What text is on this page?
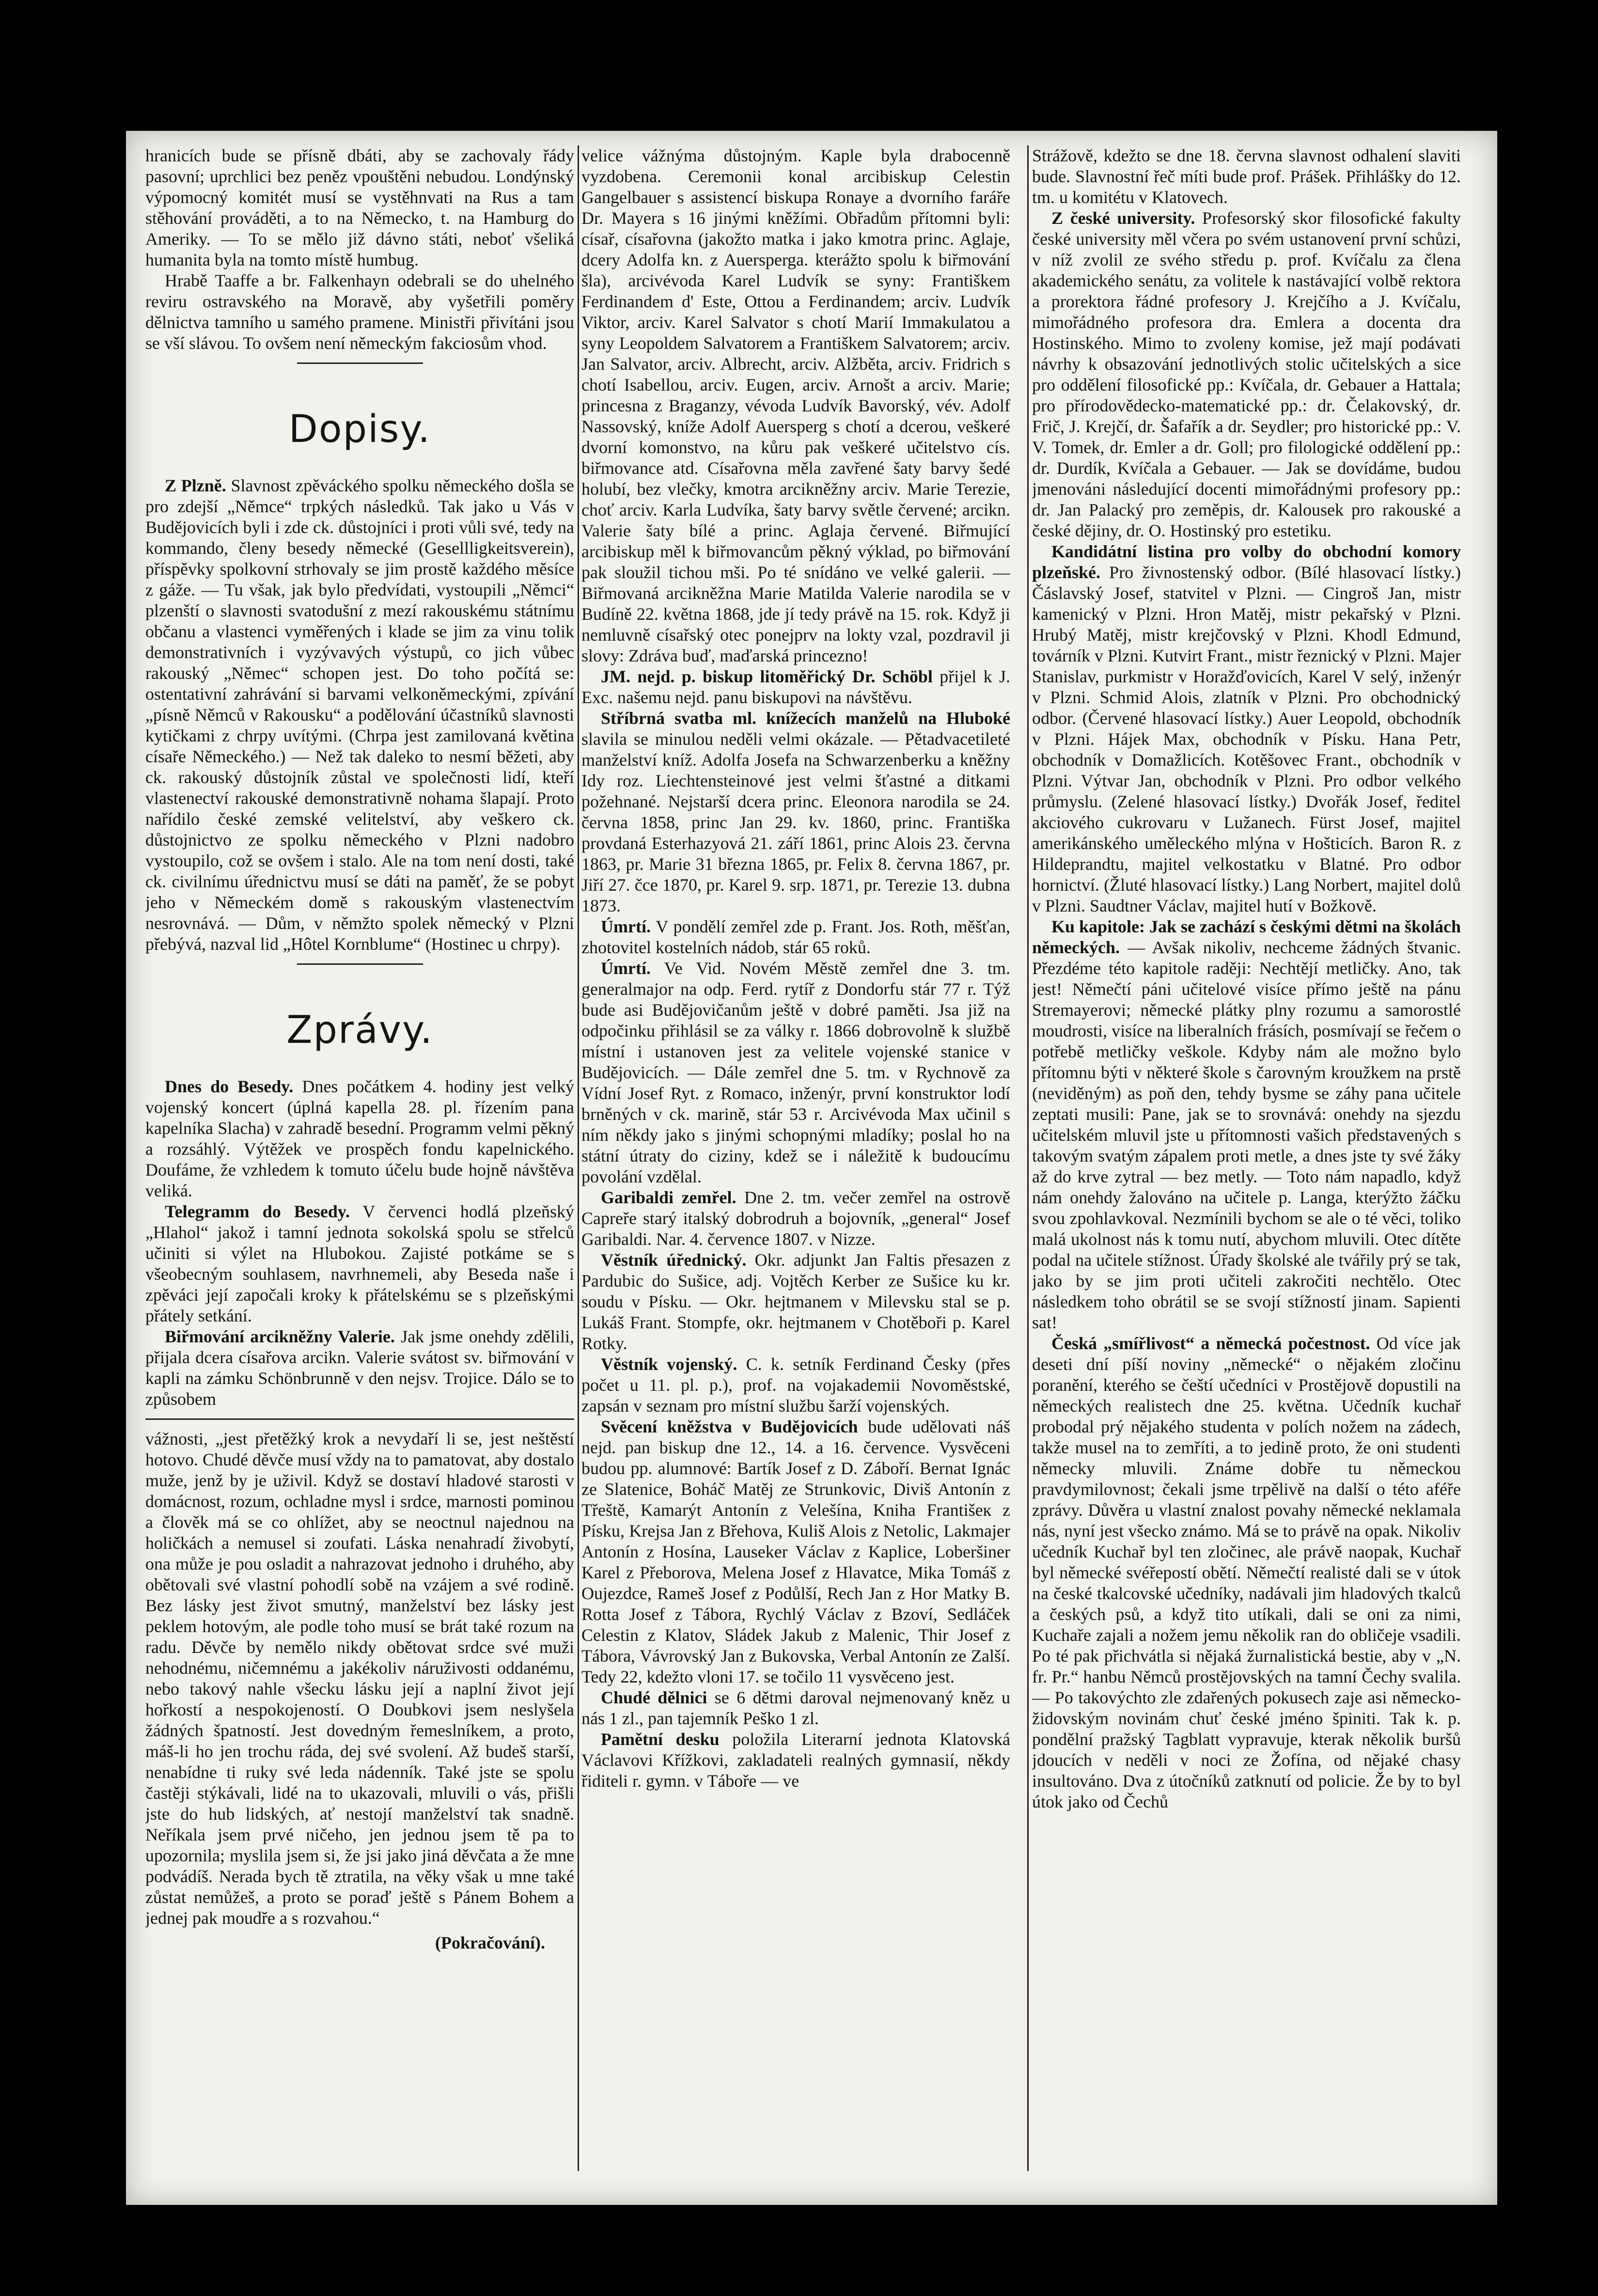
hranicích bude se přísně dbáti, aby se zachovaly řády pasovní; uprchlici bez peněz vpouštěni nebudou. Londýnský výpomocný komitét musí se vystěhnvati na Rus a tam stěhování prováděti, a to na Německo, t. na Hamburg do Ameriky. — To se mělo již dávno státi, neboť všeliká humanita byla na tomto místě humbug.

Hrabě Taaffe a br. Falkenhayn odebrali se do uhelného reviru ostravského na Moravě, aby vyšetřili poměry dělnictva tamního u samého pramene. Ministři přivítáni jsou se vší slávou. To ovšem není německým fakciosům vhod.

Dopisy.

Z Plzně. Slavnost zpěváckého spolku německého došla se pro zdejší „Němce“ trpkých následků. Tak jako u Vás v Budějovicích byli i zde ck. důstojníci i proti vůli své, tedy na kommando, členy besedy německé (Gesellligkeitsverein), příspěvky spolkovní strhovaly se jim prostě každého měsíce z gáže. — Tu však, jak bylo předvídati, vystoupili „Němci“ plzenští o slavnosti svatodušní z mezí rakouskému státnímu občanu a vlastenci vyměřených i klade se jim za vinu tolik demonstrativních i vyzývavých výstupů, co jich vůbec rakouský „Němec“ schopen jest. Do toho počítá se: ostentativní zahrávání si barvami velkoněmeckými, zpívání „písně Němců v Rakousku“ a podělování účastníků slavnosti kytičkami z chrpy uvítými. (Chrpa jest zamilovaná květina císaře Německého.) — Než tak daleko to nesmí běžeti, aby ck. rakouský důstojník zůstal ve společnosti lidí, kteří vlastenectví rakouské demonstrativně nohama šlapají. Proto nařídilo české zemské velitelství, aby veškero ck. důstojnictvo ze spolku německého v Plzni nadobro vystoupilo, což se ovšem i stalo. Ale na tom není dosti, také ck. civilnímu úřednictvu musí se dáti na paměť, že se pobyt jeho v Německém domě s rakouským vlastenectvím nesrovnává. — Dům, v němžto spolek německý v Plzni přebývá, nazval lid „Hôtel Kornblume“ (Hostinec u chrpy).

Zprávy.

Dnes do Besedy. Dnes počátkem 4. hodiny jest velký vojenský koncert (úplná kapella 28. pl. řízením pana kapelníka Slacha) v zahradě besední. Programm velmi pěkný a rozsáhlý. Výtěžek ve prospěch fondu kapelnického. Doufáme, že vzhledem k tomuto účelu bude hojně návštěva veliká.

Telegramm do Besedy. V červenci hodlá plzeňský „Hlahol“ jakož i tamní jednota sokolská spolu se střelců učiniti si výlet na Hlubokou. Zajisté potkáme se s všeobecným souhlasem, navrhnemeli, aby Beseda naše i zpěváci její započali kroky k přátelskému se s plzeňskými přátely setkání.

Biřmování arcikněžny Valerie. Jak jsme onehdy zdělili, přijala dcera císařova arcikn. Valerie svátost sv. biřmování v kapli na zámku Schönbrunně v den nejsv. Trojice. Dálo se to způsobem

vážnosti, „jest přetěžký krok a nevydaří li se, jest neštěstí hotovo. Chudé děvče musí vždy na to pamatovat, aby dostalo muže, jenž by je uživil. Když se dostaví hladové starosti v domácnost, rozum, ochladne mysl i srdce, marnosti pominou a člověk má se co ohlížet, aby se neoctnul najednou na holičkách a nemusel si zoufati. Láska nenahradí živobytí, ona může je pou osladit a nahrazovat jednoho i druhého, aby obětovali své vlastní pohodlí sobě na vzájem a své rodině. Bez lásky jest život smutný, manželství bez lásky jest peklem hotovým, ale podle toho musí se brát také rozum na radu. Děvče by nemělo nikdy obětovat srdce své muži nehodnému, ničemnému a jakékoliv náruživosti oddanému, nebo takový nahle všecku lásku její a naplní život její hořkostí a nespokojeností. O Doubkovi jsem neslyšela žádných špatností. Jest dovedným řemeslníkem, a proto, máš-li ho jen trochu ráda, dej své svolení. Až budeš starší, nenabídne ti ruky své leda nádenník. Také jste se spolu častěji stýkávali, lidé na to ukazovali, mluvili o vás, přišli jste do hub lidských, ať nestojí manželství tak snadně. Neříkala jsem prvé ničeho, jen jednou jsem tě pa to upozornila; myslila jsem si, že jsi jako jiná děvčata a že mne podvádíš. Nerada bych tě ztratila, na věky však u mne také zůstat nemůžeš, a proto se poraď ještě s Pánem Bohem a jednej pak moudře a s rozvahou.“

(Pokračování).

velice vážnýma důstojným. Kaple byla drabocenně vyzdobena. Ceremonii konal arcibiskup Celestin Gangelbauer s assistencí biskupa Ronaye a dvorního faráře Dr. Mayera s 16 jinými kněžími. Obřadům přítomni byli: císař, císařovna (jakožto matka i jako kmotra princ. Aglaje, dcery Adolfa kn. z Auersperga. kterážto spolu k biřmování šla), arcivévoda Karel Ludvík se syny: Františkem Ferdinandem d' Este, Ottou a Ferdinandem; arciv. Ludvík Viktor, arciv. Karel Salvator s chotí Marií Immakulatou a syny Leopoldem Salvatorem a Františkem Salvatorem; arciv. Jan Salvator, arciv. Albrecht, arciv. Alžběta, arciv. Fridrich s chotí Isabellou, arciv. Eugen, arciv. Arnošt a arciv. Marie; princesna z Braganzy, vévoda Ludvík Bavorský, vév. Adolf Nassovský, kníže Adolf Auersperg s chotí a dcerou, veškeré dvorní komonstvo, na kůru pak veškeré učitelstvo cís. biřmovance atd. Císařovna měla zavřené šaty barvy šedé holubí, bez vlečky, kmotra arcikněžny arciv. Marie Terezie, choť arciv. Karla Ludvíka, šaty barvy světle červené; arcikn. Valerie šaty bílé a princ. Aglaja červené. Biřmující arcibiskup měl k biřmovancům pěkný výklad, po biřmování pak sloužil tichou mši. Po té snídáno ve velké galerii. — Biřmovaná arcikněžna Marie Matilda Valerie narodila se v Budíně 22. května 1868, jde jí tedy právě na 15. rok. Když ji nemluvně císařský otec ponejprv na lokty vzal, pozdravil ji slovy: Zdráva buď, maďarská princezno!

JM. nejd. p. biskup litoměřický Dr. Schöbl přijel k J. Exc. našemu nejd. panu biskupovi na návštěvu.

Stříbrná svatba ml. knížecích manželů na Hluboké slavila se minulou neděli velmi okázale. — Pětadvacetileté manželství kníž. Adolfa Josefa na Schwarzenberku a kněžny Idy roz. Liechtensteinové jest velmi šťastné a ditkami požehnané. Nejstarší dcera princ. Eleonora narodila se 24. června 1858, princ Jan 29. kv. 1860, princ. Františka provdaná Esterhazyová 21. září 1861, princ Alois 23. června 1863, pr. Marie 31 března 1865, pr. Felix 8. června 1867, pr. Jiří 27. čce 1870, pr. Karel 9. srp. 1871, pr. Terezie 13. dubna 1873.

Úmrtí. V pondělí zemřel zde p. Frant. Jos. Roth, měšťan, zhotovitel kostelních nádob, stár 65 roků.

Úmrtí. Ve Vid. Novém Městě zemřel dne 3. tm. generalmajor na odp. Ferd. rytíř z Dondorfu stár 77 r. Týž bude asi Budějovičanům ještě v dobré paměti. Jsa již na odpočinku přihlásil se za války r. 1866 dobrovolně k službě místní i ustanoven jest za velitele vojenské stanice v Budějovicích. — Dále zemřel dne 5. tm. v Rychnově za Vídní Josef Ryt. z Romaco, inženýr, první konstruktor lodí brněných v ck. marině, stár 53 r. Arcivévoda Max učinil s ním někdy jako s jinými schopnými mladíky; poslal ho na státní útraty do ciziny, kdež se i náležitě k budoucímu povolání vzdělal.

Garibaldi zemřel. Dne 2. tm. večer zemřel na ostrově Capreře starý italský dobrodruh a bojovník, „general“ Josef Garibaldi. Nar. 4. července 1807. v Nizze.

Věstník úřednický. Okr. adjunkt Jan Faltis přesazen z Pardubic do Sušice, adj. Vojtěch Kerber ze Sušice ku kr. soudu v Písku. — Okr. hejtmanem v Milevsku stal se p. Lukáš Frant. Stompfe, okr. hejtmanem v Chotěboři p. Karel Rotky.

Věstník vojenský. C. k. setník Ferdinand Česky (přes počet u 11. pl. p.), prof. na vojakademii Novoměstské, zapsán v seznam pro místní službu šarží vojenských.

Svěcení kněžstva v Budějovicích bude udělovati náš nejd. pan biskup dne 12., 14. a 16. července. Vysvěceni budou pp. alumnové: Bartík Josef z D. Záboří. Bernat Ignác ze Slatenice, Boháč Matěj ze Strunkovic, Diviš Antonín z Třeště, Kamarýt Antonín z Velešína, Kniha Františeк z Písku, Krejsa Jan z Břehova, Kuliš Alois z Netolic, Lakmajer Antonín z Hosína, Lauseker Václav z Kaplice, Loberšiner Karel z Přeborova, Melena Josef z Hlavatce, Mika Tomáš z Oujezdce, Rameš Josef z Podůlší, Rech Jan z Hor Matky B. Rotta Josef z Tábora, Rychlý Václav z Bzoví, Sedláček Celestin z Klatov, Sládek Jakub z Malenic, Thir Josef z Tábora, Vávrovský Jan z Bukovska, Verbal Antonín ze Zalší. Tedy 22, kdežto vloni 17. se točilo 11 vysvěceno jest.

Chudé dělnici se 6 dětmi daroval nejmenovaný kněz u nás 1 zl., pan tajemník Peško 1 zl.

Pamětní desku položila Literarní jednota Klatovská Václavovi Křížkovi, zakladateli realných gymnasií, někdy řiditeli r. gymn. v Táboře — ve

Strážově, kdežto se dne 18. června slavnost odhalení slaviti bude. Slavnostní řeč míti bude prof. Prášek. Přihlášky do 12. tm. u komitétu v Klatovech.

Z české university. Profesorský skor filosofické fakulty české university měl včera po svém ustanovení první schůzi, v níž zvolil ze svého středu p. prof. Kvíčalu za člena akademického senátu, za volitele k nastávající volbě rektora a prorektora řádné profesory J. Krejčího a J. Kvíčalu, mimořádného profesora dra. Emlera a docenta dra Hostinského. Mimo to zvoleny komise, jež mají podávati návrhy k obsazování jednotlivých stolic učitelských a sice pro oddělení filosofické pp.: Kvíčala, dr. Gebauer a Hattala; pro přírodovědecko-matematické pp.: dr. Čelakovský, dr. Frič, J. Krejčí, dr. Šafařík a dr. Seydler; pro historické pp.: V. V. Tomek, dr. Emler a dr. Goll; pro filologické oddělení pp.: dr. Durdík, Kvíčala a Gebauer. — Jak se dovídáme, budou jmenováni následující docenti mimořádnými profesory pp.: dr. Jan Palacký pro zeměpis, dr. Kalousek pro rakouské a české dějiny, dr. O. Hostinský pro estetiku.

Kandidátní listina pro volby do obchodní komory plzeňské. Pro živnostenský odbor. (Bílé hlasovací lístky.) Čáslavský Josef, statvitel v Plzni. — Cingroš Jan, mistr kamenický v Plzni. Hron Matěj, mistr pekařský v Plzni. Hrubý Matěj, mistr krejčovský v Plzni. Khodl Edmund, továrník v Plzni. Kutvirt Frant., mistr řeznický v Plzni. Majer Stanislav, purkmistr v Horažďovicích, Karel V selý, inženýr v Plzni. Schmid Alois, zlatník v Plzni. Pro obchodnický odbor. (Červené hlasovací lístky.) Auer Leopold, obchodník v Plzni. Hájek Max, obchodník v Písku. Hana Petr, obchodník v Domažlicích. Kotěšovec Frant., obchodník v Plzni. Výtvar Jan, obchodník v Plzni. Pro odbor velkého průmyslu. (Zelené hlasovací lístky.) Dvořák Josef, ředitel akciového cukrovaru v Lužanech. Fürst Josef, majitel amerikánského uměleckého mlýna v Hošticích. Baron R. z Hildeprandtu, majitel velkostatku v Blatné. Pro odbor hornictví. (Žluté hlasovací lístky.) Lang Norbert, majitel dolů v Plzni. Saudtner Václav, majitel hutí v Božkově.

Ku kapitole: Jak se zachází s českými dětmi na školách německých. — Avšak nikoliv, nechceme žádných štvanic. Přezdéme této kapitole raději: Nechtějí metličky. Ano, tak jest! Němečtí páni učitelové visíce přímo ještě na pánu Stremayerovi; německé plátky plny rozumu a samorostlé moudrosti, visíce na liberalních frásích, posmívají se řečem o potřebě metličky veškole. Kdyby nám ale možno bylo přítomnu býti v některé škole s čarovným kroužkem na prstě (neviděným) as poň den, tehdy bysme se záhy pana učitele zeptati musili: Pane, jak se to srovnává: onehdy na sjezdu učitelském mluvil jste u přítomnosti vašich představených s takovým svatým zápalem proti metle, a dnes jste ty své žáky až do krve zytral — bez metly. — Toto nám napadlo, když nám onehdy žalováno na učitele p. Langa, kterýžto žáčku svou zpohlavkoval. Nezmínili bychom se ale o té věci, toliko malá ukolnost nás k tomu nutí, abychom mluvili. Otec dítěte podal na učitele stížnost. Úřady školské ale tvářily prý se tak, jako by se jim proti učiteli zakročiti nechtělo. Otec následkem toho obrátil se se svojí stížností jinam. Sapienti sat!

Česká „smířlivost“ a německá počestnost. Od více jak deseti dní píší noviny „německé“ o nějakém zločinu poranění, kterého se čeští učedníci v Prostějově dopustili na německých realistech dne 25. května. Učedník kuchař probodal prý nějakého studenta v polích nožem na zádech, takže musel na to zemříti, a to jedině proto, že oni studenti německy mluvili. Známe dobře tu německou pravdymilovnost; čekali jsme trpělivě na další o této aféře zprávy. Důvěra u vlastní znalost povahy německé neklamala nás, nyní jest všecko známo. Má se to právě na opak. Nikoliv učedník Kuchař byl ten zločinec, ale právě naopak, Kuchař byl německé svéřepostí obětí. Němečtí realisté dali se v útok na české tkalcovské učedníky, nadávali jim hladových tkalců a českých psů, a když tito utíkali, dali se oni za nimi, Kuchaře zajali a nožem jemu několik ran do obličeje vsadili. Po té pak přichvátla si nějaká žurnalistická bestie, aby v „N. fr. Pr.“ hanbu Němců prostějovských na tamní Čechy svalila. — Po takovýchto zle zdařených pokusech zaje asi německo-židovským novinám chuť české jméno špiniti. Tak k. p. pondělní pražský Tagblatt vypravuje, kterak několik buršů jdoucích v neděli v noci ze Žofína, od nějaké chasy insultováno. Dva z útočníků zatknutí od policie. Že by to byl útok jako od Čechů
